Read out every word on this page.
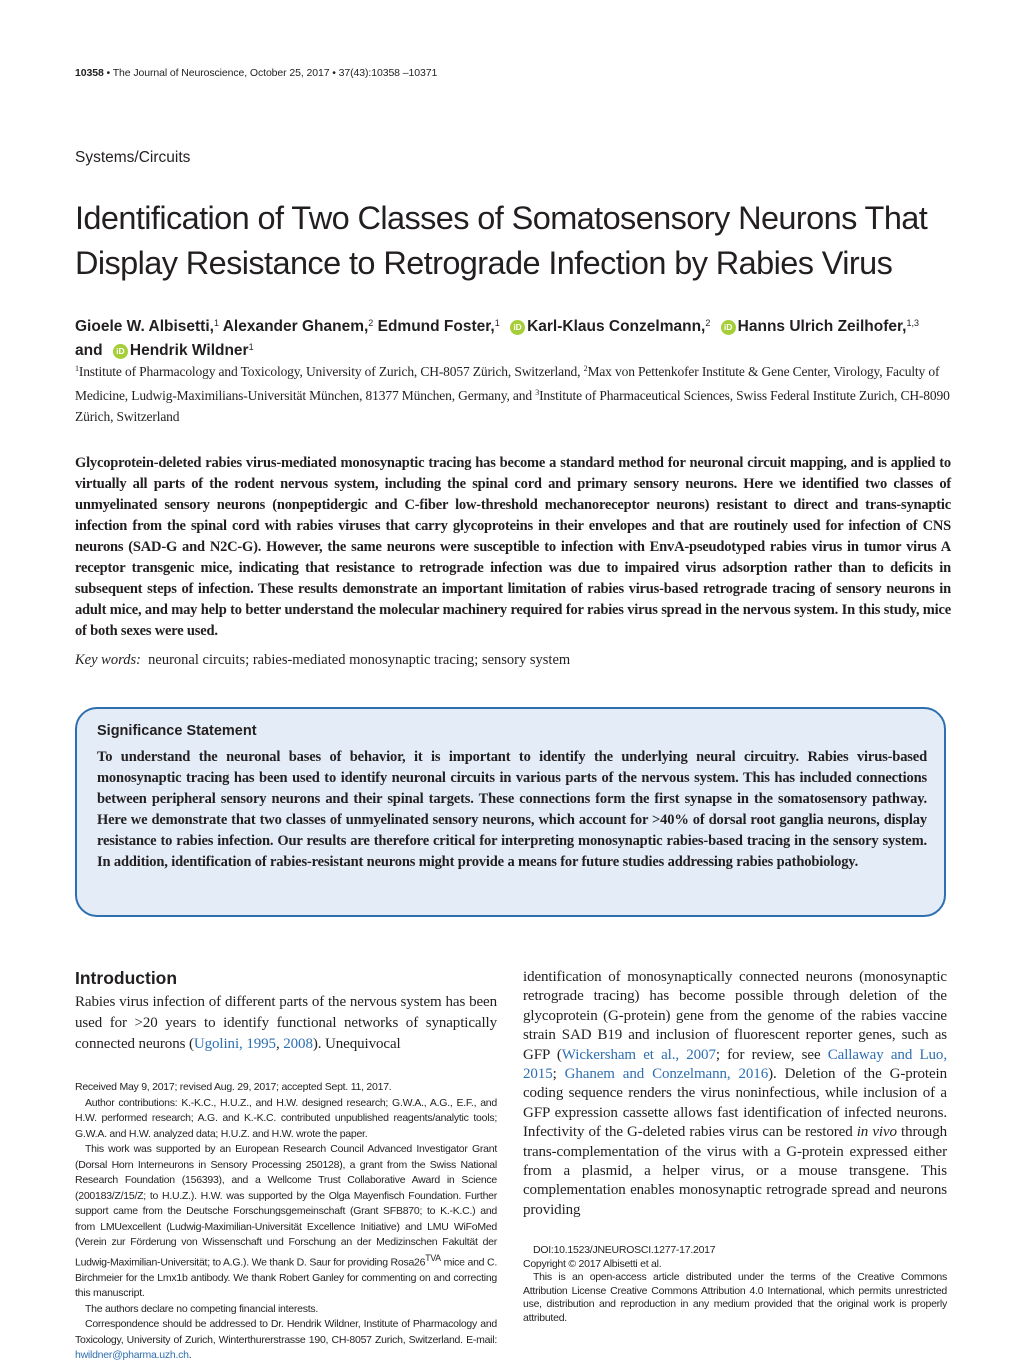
10358 • The Journal of Neuroscience, October 25, 2017 • 37(43):10358 –10371
Systems/Circuits
Identification of Two Classes of Somatosensory Neurons That
Display Resistance to Retrograde Infection by Rabies Virus
Gioele W. Albisetti,$^1$ Alexander Ghanem,$^2$ Edmund Foster,$^1$ iD Karl-Klaus Conzelmann,$^2$ iD Hanns Ulrich Zeilhofer,$^{1,3}$
and iD Hendrik Wildner$^1$
$^1$Institute of Pharmacology and Toxicology, University of Zurich, CH-8057 Zürich, Switzerland, $^2$Max von Pettenkofer Institute & Gene Center, Virology, Faculty of Medicine, Ludwig-Maximilians-Universität München, 81377 München, Germany, and $^3$Institute of Pharmaceutical Sciences, Swiss Federal Institute Zurich, CH-8090 Zürich, Switzerland
Glycoprotein-deleted rabies virus-mediated monosynaptic tracing has become a standard method for neuronal circuit mapping, and is applied to virtually all parts of the rodent nervous system, including the spinal cord and primary sensory neurons. Here we identified two classes of unmyelinated sensory neurons (nonpeptidergic and C-fiber low-threshold mechanoreceptor neurons) resistant to direct and trans-synaptic infection from the spinal cord with rabies viruses that carry glycoproteins in their envelopes and that are routinely used for infection of CNS neurons (SAD-G and N2C-G). However, the same neurons were susceptible to infection with EnvA-pseudotyped rabies virus in tumor virus A receptor transgenic mice, indicating that resistance to retrograde infection was due to impaired virus adsorption rather than to deficits in subsequent steps of infection. These results demonstrate an important limitation of rabies virus-based retrograde tracing of sensory neurons in adult mice, and may help to better understand the molecular machinery required for rabies virus spread in the nervous system. In this study, mice of both sexes were used.
Key words: neuronal circuits; rabies-mediated monosynaptic tracing; sensory system
Significance Statement
To understand the neuronal bases of behavior, it is important to identify the underlying neural circuitry. Rabies virus-based monosynaptic tracing has been used to identify neuronal circuits in various parts of the nervous system. This has included connections between peripheral sensory neurons and their spinal targets. These connections form the first synapse in the somatosensory pathway. Here we demonstrate that two classes of unmyelinated sensory neurons, which account for >40% of dorsal root ganglia neurons, display resistance to rabies infection. Our results are therefore critical for interpreting monosynaptic rabies-based tracing in the sensory system. In addition, identification of rabies-resistant neurons might provide a means for future studies addressing rabies pathobiology.
Introduction
Rabies virus infection of different parts of the nervous system has been used for >20 years to identify functional networks of synaptically connected neurons (Ugolini, 1995, 2008). Unequivocal
identification of monosynaptically connected neurons (monosynaptic retrograde tracing) has become possible through deletion of the glycoprotein (G-protein) gene from the genome of the rabies vaccine strain SAD B19 and inclusion of fluorescent reporter genes, such as GFP (Wickersham et al., 2007; for review, see Callaway and Luo, 2015; Ghanem and Conzelmann, 2016). Deletion of the G-protein coding sequence renders the virus noninfectious, while inclusion of a GFP expression cassette allows fast identification of infected neurons. Infectivity of the G-deleted rabies virus can be restored in vivo through trans-complementation of the virus with a G-protein expressed either from a plasmid, a helper virus, or a mouse transgene. This complementation enables monosynaptic retrograde spread and neurons providing

Received May 9, 2017; revised Aug. 29, 2017; accepted Sept. 11, 2017.

Author contributions: K.-K.C., H.U.Z., and H.W. designed research; G.W.A., A.G., E.F., and H.W. performed research; A.G. and K.-K.C. contributed unpublished reagents/analytic tools; G.W.A. and H.W. analyzed data; H.U.Z. and H.W. wrote the paper.

This work was supported by an European Research Council Advanced Investigator Grant (Dorsal Horn Interneurons in Sensory Processing 250128), a grant from the Swiss National Research Foundation (156393), and a Wellcome Trust Collaborative Award in Science (200183/Z/15/Z; to H.U.Z.). H.W. was supported by the Olga Mayenfisch Foundation. Further support came from the Deutsche Forschungsgemeinschaft (Grant SFB870; to K.-K.C.) and from LMUexcellent (Ludwig-Maximilian-Universität Excellence Initiative) and LMU WiFoMed (Verein zur Förderung von Wissenschaft und Forschung an der Medizinschen Fakultät der Ludwig-Maximilian-Universität; to A.G.). We thank D. Saur for providing $Rosa26^{TVA}$ mice and C. Birchmeier for the Lmx1b antibody. We thank Robert Ganley for commenting on and correcting this manuscript.

The authors declare no competing financial interests.

Correspondence should be addressed to Dr. Hendrik Wildner, Institute of Pharmacology and Toxicology, University of Zurich, Winterthurerstrasse 190, CH-8057 Zurich, Switzerland. E-mail: hwildner@pharma.uzh.ch.

DOI:10.1523/JNEUROSCI.1277-17.2017

Copyright © 2017 Albisetti et al.

This is an open-access article distributed under the terms of the Creative Commons Attribution License Creative Commons Attribution 4.0 International, which permits unrestricted use, distribution and reproduction in any medium provided that the original work is properly attributed.
